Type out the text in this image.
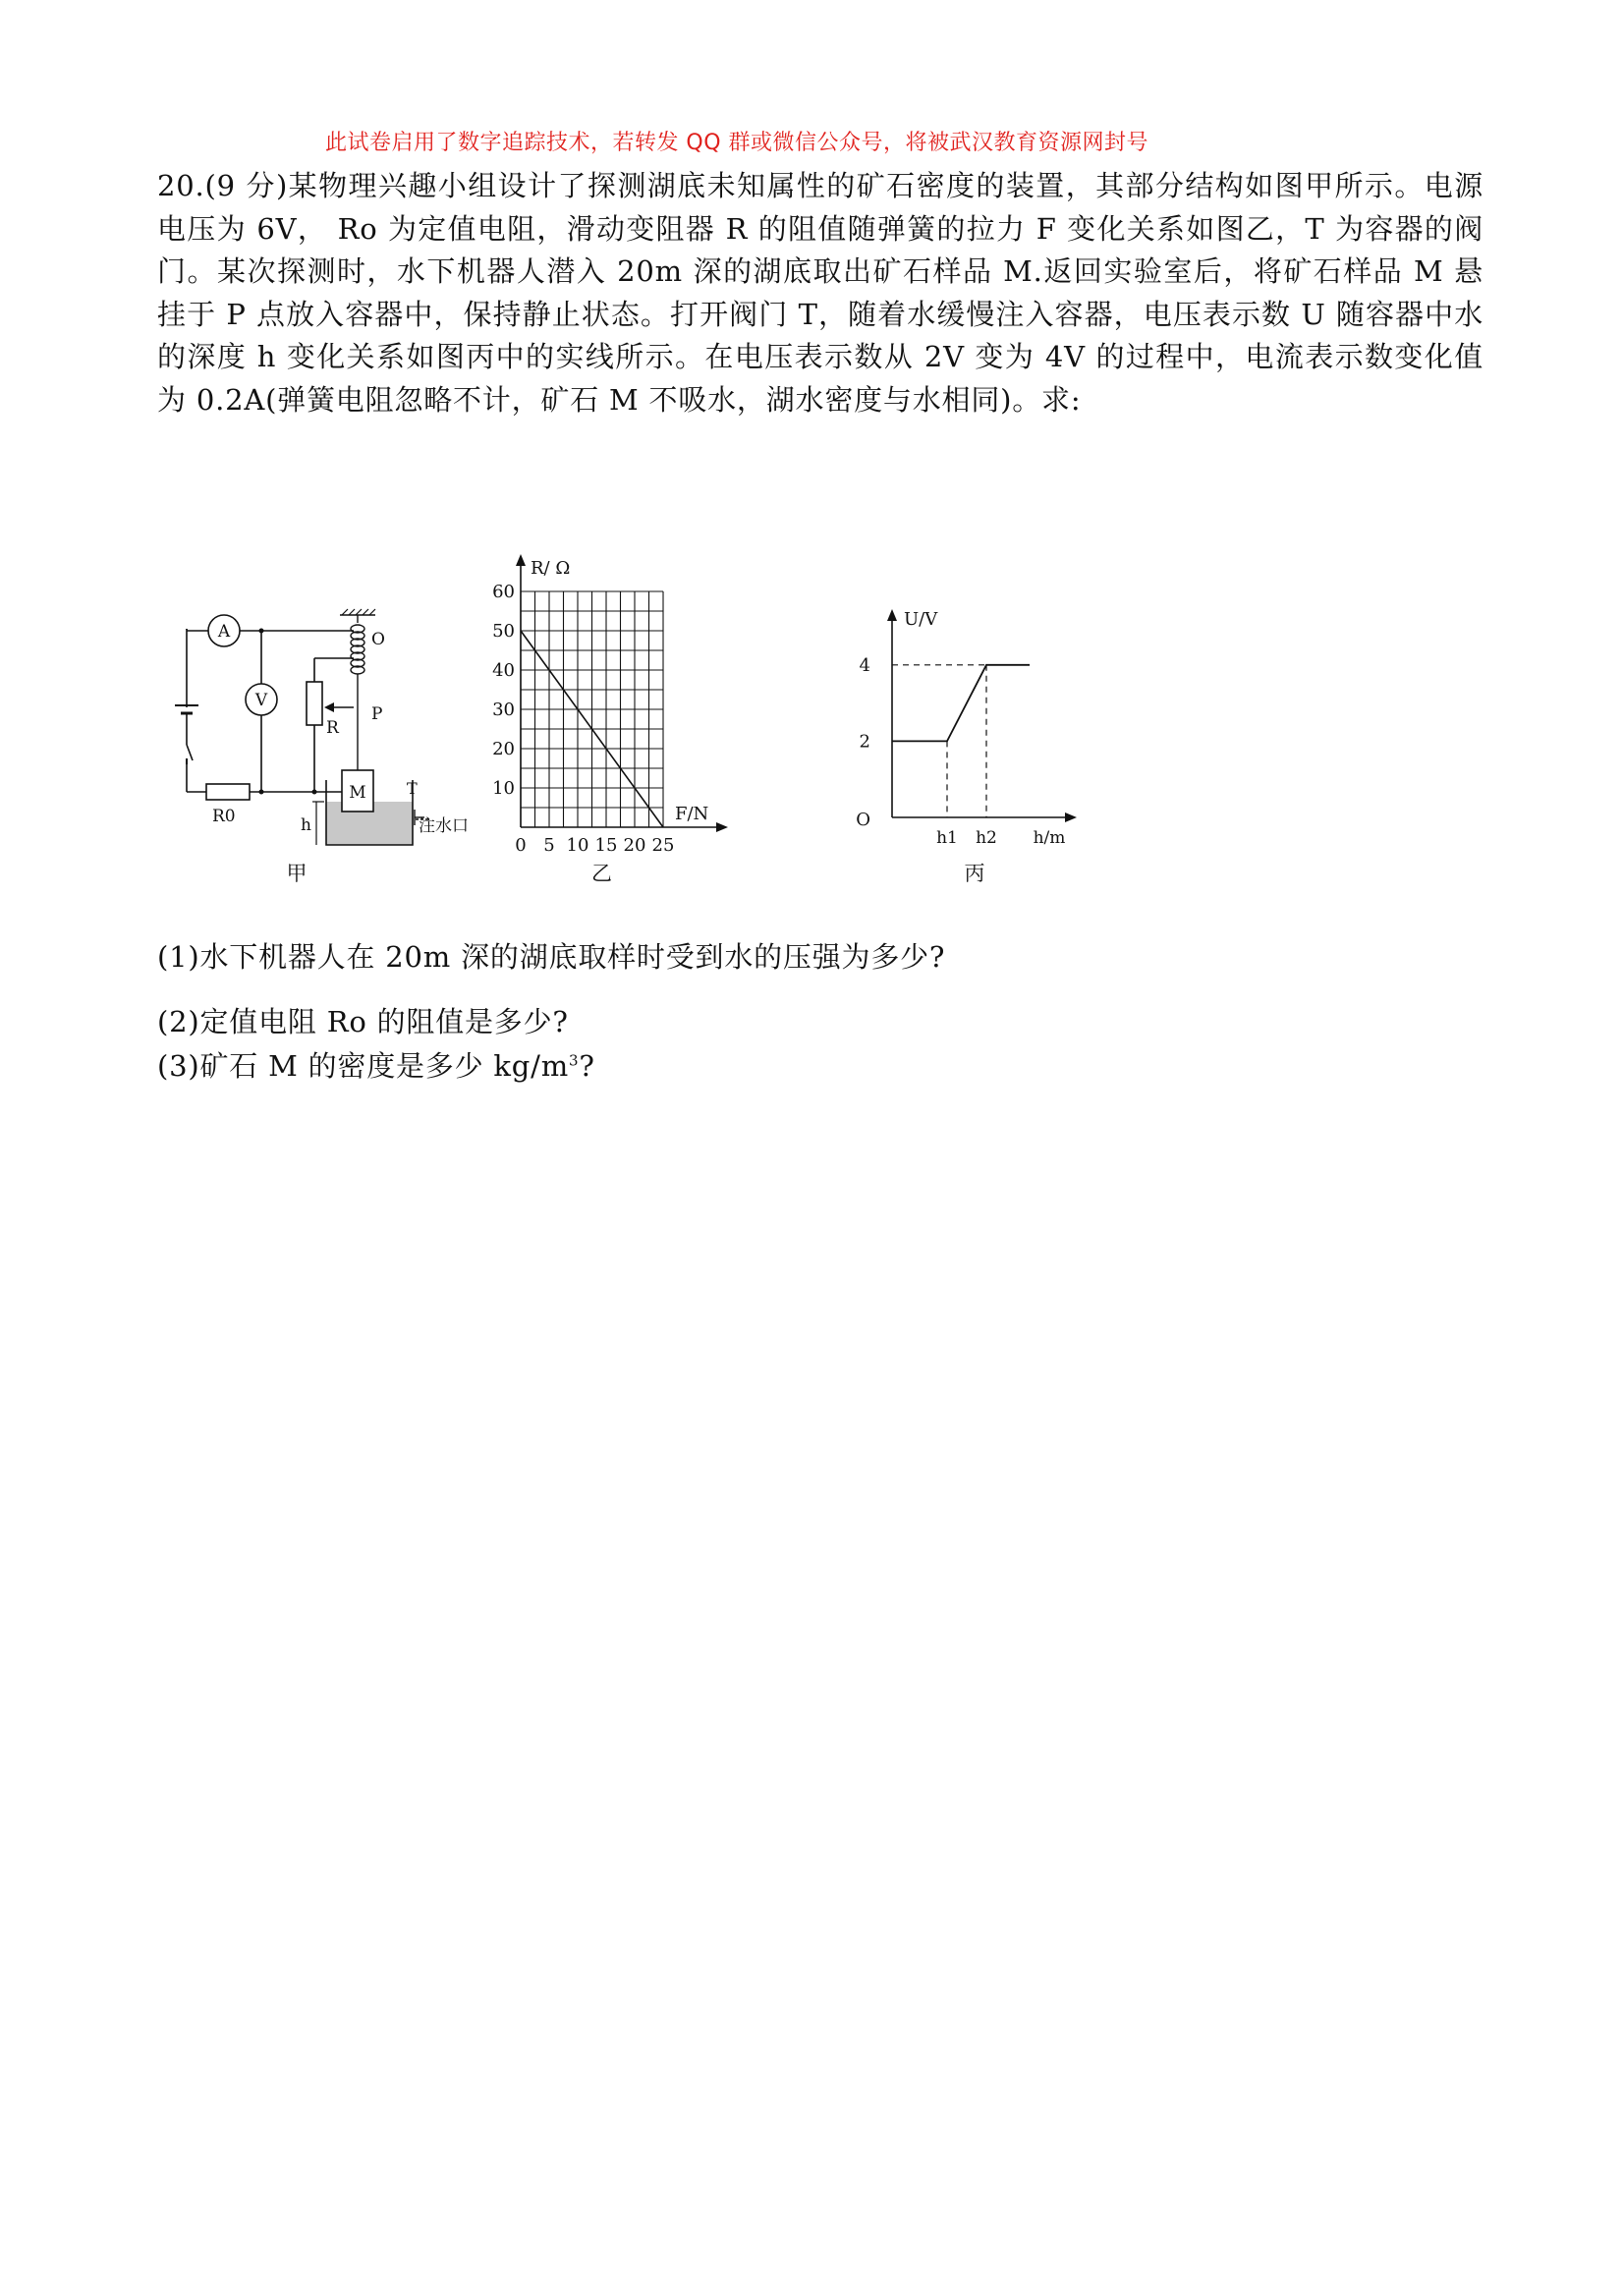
此试卷启用了数字追踪技术，若转发 QQ 群或微信公众号，将被武汉教育资源网封号

20.(9 分)某物理兴趣小组设计了探测湖底未知属性的矿石密度的装置，其部分结构如图甲所示。电源电压为 6V， Ro 为定值电阻，滑动变阻器 R 的阻值随弹簧的拉力 F 变化关系如图乙，T 为容器的阀门。某次探测时，水下机器人潜入 20m 深的湖底取出矿石样品 M.返回实验室后，将矿石样品 M 悬挂于 P 点放入容器中，保持静止状态。打开阀门 T，随着水缓慢注入容器，电压表示数 U 随容器中水的深度 h 变化关系如图丙中的实线所示。在电压表示数从 2V 变为 4V 的过程中，电流表示数变化值为 0.2A(弹簧电阻忽略不计，矿石 M 不吸水，湖水密度与水相同)。求:

A
V
O
P
R
R0
M	T
h	注水口
甲
0 5 10 15 20 25
10
20
30
40
50
60
F/N
R/ Ω
乙
2
4
O
h1 h2 h/m
U/V
丙
(1)水下机器人在 20m 深的湖底取样时受到水的压强为多少?
(2)定值电阻 Ro 的阻值是多少?
(3)矿石 M 的密度是多少 $kg/m^3$?
